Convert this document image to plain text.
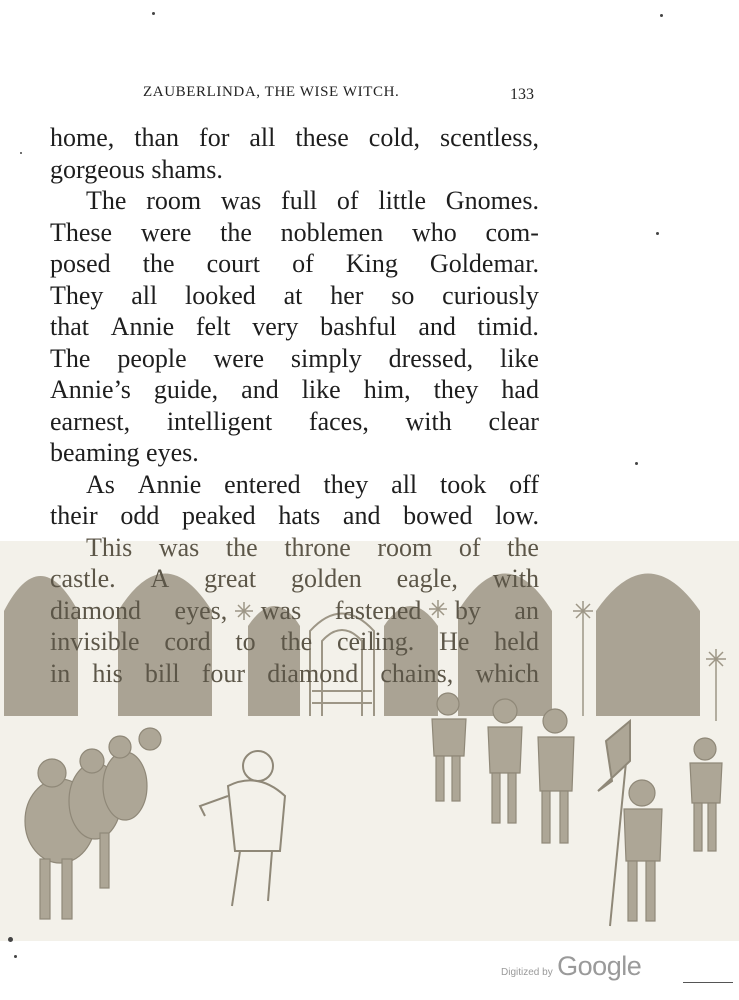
ZAUBERLINDA, THE WISE WITCH.	133
home, than for all these cold, scentless,
gorgeous shams.
The room was full of little Gnomes.
These were the noblemen who com-
posed the court of King Goldemar.
They all looked at her so curiously
that Annie felt very bashful and timid.
The people were simply dressed, like
Annie’s guide, and like him, they had
earnest, intelligent faces, with clear
beaming eyes.
As Annie entered they all took off
their odd peaked hats and bowed low.
This was the throne room of the
castle. A great golden eagle, with
diamond eyes, was fastened by an
invisible cord to the ceiling. He held
in his bill four diamond chains, which
Digitized by Google
